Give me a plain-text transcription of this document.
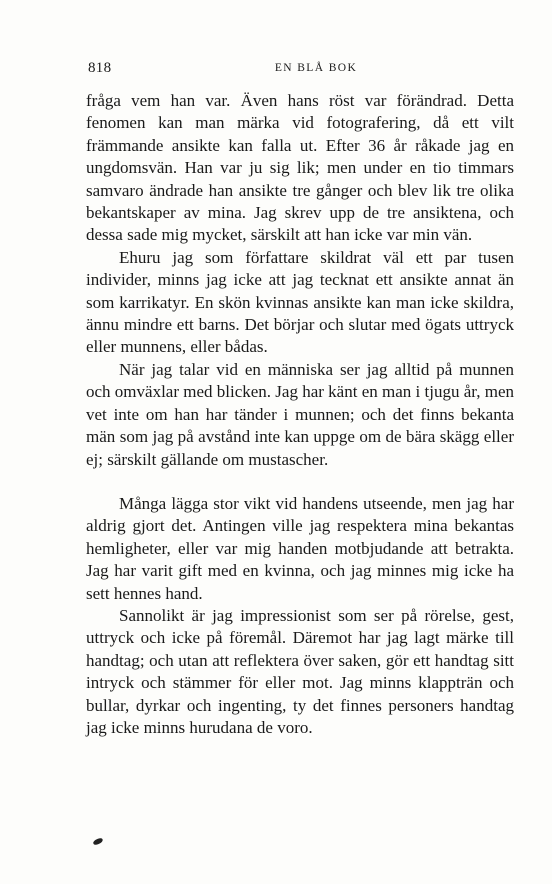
818	EN BLÅ BOK

fråga vem han var. Även hans röst var förändrad. Detta fenomen kan man märka vid fotografering, då ett vilt främmande ansikte kan falla ut. Efter 36 år råkade jag en ungdomsvän. Han var ju sig lik; men under en tio timmars samvaro ändrade han ansikte tre gånger och blev lik tre olika bekantskaper av mina. Jag skrev upp de tre ansiktena, och dessa sade mig mycket, särskilt att han icke var min vän.

Ehuru jag som författare skildrat väl ett par tusen individer, minns jag icke att jag tecknat ett ansikte annat än som karrikatyr. En skön kvinnas ansikte kan man icke skildra, ännu mindre ett barns. Det börjar och slutar med ögats uttryck eller munnens, eller bådas.

När jag talar vid en människa ser jag alltid på munnen och omväxlar med blicken. Jag har känt en man i tjugu år, men vet inte om han har tänder i munnen; och det finns bekanta män som jag på avstånd inte kan uppge om de bära skägg eller ej; särskilt gällande om mustascher.

Många lägga stor vikt vid handens utseende, men jag har aldrig gjort det. Antingen ville jag respektera mina bekantas hemligheter, eller var mig handen motbjudande att betrakta. Jag har varit gift med en kvinna, och jag minnes mig icke ha sett hennes hand.

Sannolikt är jag impressionist som ser på rörelse, gest, uttryck och icke på föremål. Däremot har jag lagt märke till handtag; och utan att reflektera över saken, gör ett handtag sitt intryck och stämmer för eller mot. Jag minns klappträn och bullar, dyrkar och ingenting, ty det finnes personers handtag jag icke minns hurudana de voro.
